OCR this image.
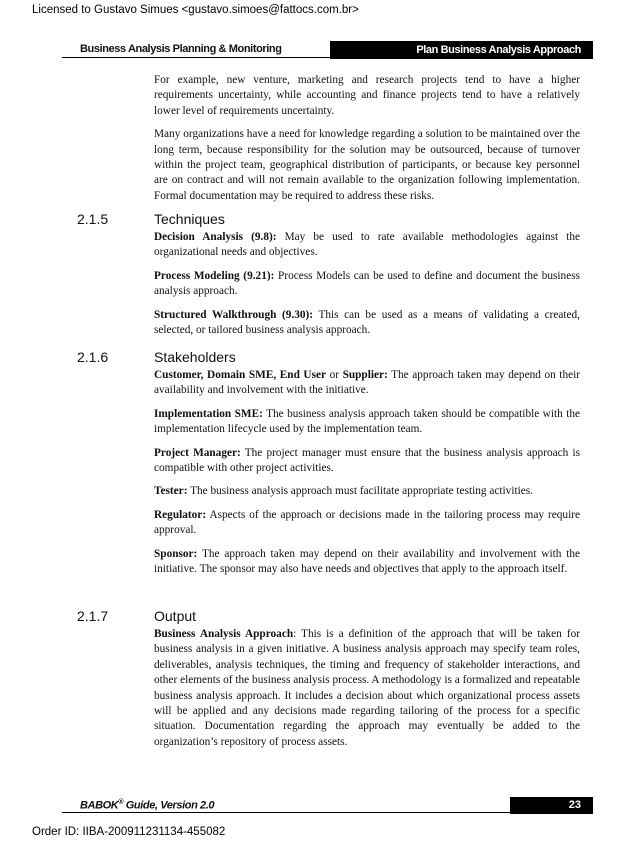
Licensed to Gustavo Simues <gustavo.simoes@fattocs.com.br>
Business Analysis Planning & Monitoring	Plan Business Analysis Approach

For example, new venture, marketing and research projects tend to have a higher requirements uncertainty, while accounting and finance projects tend to have a relatively lower level of requirements uncertainty.

Many organizations have a need for knowledge regarding a solution to be maintained over the long term, because responsibility for the solution may be outsourced, because of turnover within the project team, geographical distribution of participants, or because key personnel are on contract and will not remain available to the organization following implementation. Formal documentation may be required to address these risks.

2.1.5	Techniques

Decision Analysis (9.8): May be used to rate available methodologies against the organizational needs and objectives.

Process Modeling (9.21): Process Models can be used to define and document the business analysis approach.

Structured Walkthrough (9.30): This can be used as a means of validating a created, selected, or tailored business analysis approach.

2.1.6	Stakeholders

Customer, Domain SME, End User or Supplier: The approach taken may depend on their availability and involvement with the initiative.

Implementation SME: The business analysis approach taken should be compatible with the implementation lifecycle used by the implementation team.

Project Manager: The project manager must ensure that the business analysis approach is compatible with other project activities.

Tester: The business analysis approach must facilitate appropriate testing activities.

Regulator: Aspects of the approach or decisions made in the tailoring process may require approval.

Sponsor: The approach taken may depend on their availability and involvement with the initiative. The sponsor may also have needs and objectives that apply to the approach itself.

2.1.7	Output

Business Analysis Approach: This is a definition of the approach that will be taken for business analysis in a given initiative. A business analysis approach may specify team roles, deliverables, analysis techniques, the timing and frequency of stakeholder interactions, and other elements of the business analysis process. A methodology is a formalized and repeatable business analysis approach. It includes a decision about which organizational process assets will be applied and any decisions made regarding tailoring of the process for a specific situation. Documentation regarding the approach may eventually be added to the organization’s repository of process assets.

BABOK® Guide, Version 2.0	23
Order ID: IIBA-200911231134-455082
